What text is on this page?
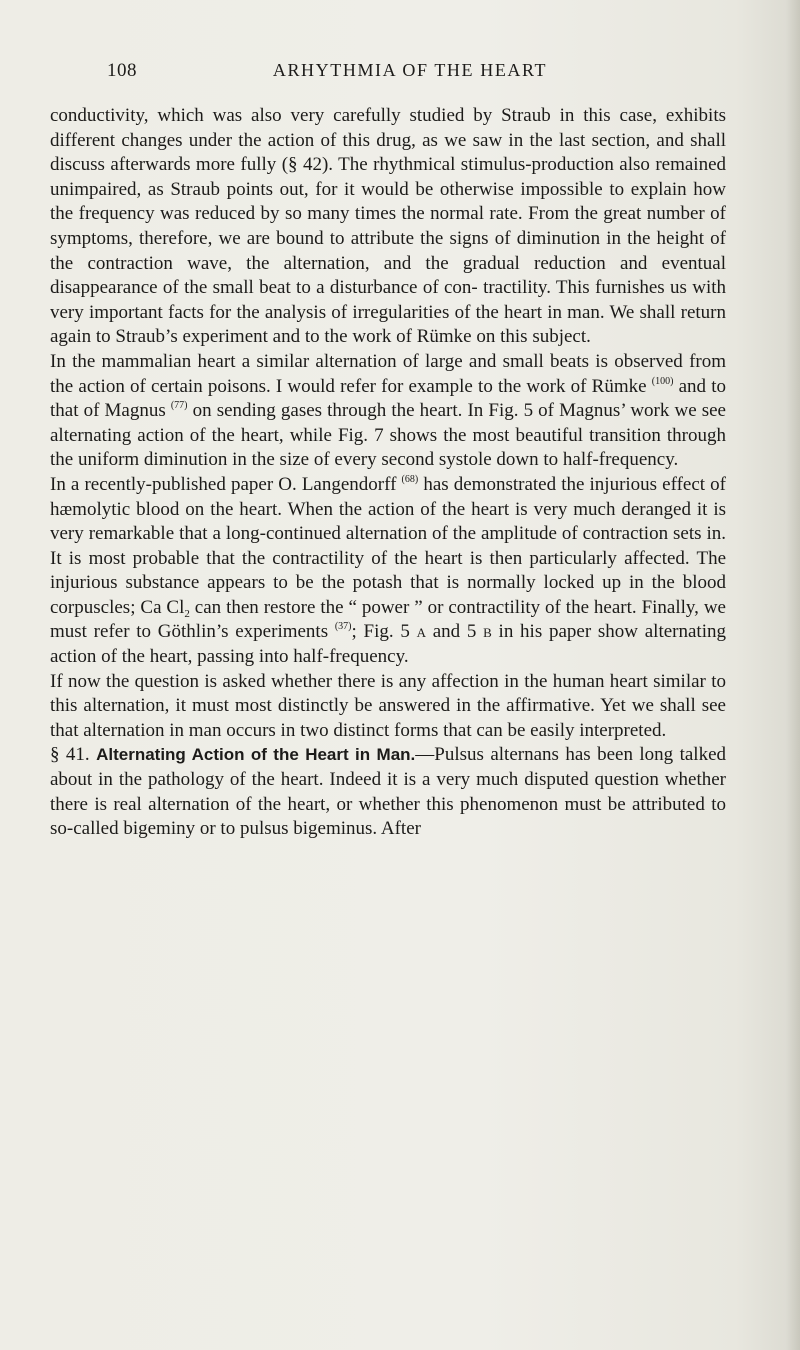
108	ARHYTHMIA OF THE HEART

conductivity, which was also very carefully studied by Straub in this case, exhibits different changes under the action of this drug, as we saw in the last section, and shall discuss afterwards more fully (§ 42). The rhythmical stimulus-production also remained unimpaired, as Straub points out, for it would be otherwise impossible to explain how the frequency was reduced by so many times the normal rate. From the great number of symptoms, therefore, we are bound to attribute the signs of diminution in the height of the contraction wave, the alternation, and the gradual reduction and eventual disappearance of the small beat to a disturbance of con- tractility. This furnishes us with very important facts for the analysis of irregularities of the heart in man. We shall return again to Straub’s experiment and to the work of Rümke on this subject.

In the mammalian heart a similar alternation of large and small beats is observed from the action of certain poisons. I would refer for example to the work of Rümke $^{(100)}$ and to that of Magnus $^{(77)}$ on sending gases through the heart. In Fig. 5 of Magnus’ work we see alternating action of the heart, while Fig. 7 shows the most beautiful transition through the uniform diminution in the size of every second systole down to half-frequency.

In a recently-published paper O. Langendorff $^{(68)}$ has demonstrated the injurious effect of hæmolytic blood on the heart. When the action of the heart is very much deranged it is very remarkable that a long-continued alternation of the amplitude of contraction sets in. It is most probable that the contractility of the heart is then particularly affected. The injurious substance appears to be the potash that is normally locked up in the blood corpuscles; Ca $Cl_2$ can then restore the “ power ” or contractility of the heart. Finally, we must refer to Göthlin’s experiments $^{(37)}$; Fig. 5 a and 5 b in his paper show alternating action of the heart, passing into half-frequency.

If now the question is asked whether there is any affection in the human heart similar to this alternation, it must most distinctly be answered in the affirmative. Yet we shall see that alternation in man occurs in two distinct forms that can be easily interpreted.

§ 41. Alternating Action of the Heart in Man.—Pulsus alternans has been long talked about in the pathology of the heart. Indeed it is a very much disputed question whether there is real alternation of the heart, or whether this phenomenon must be attributed to so-called bigeminy or to pulsus bigeminus. After
